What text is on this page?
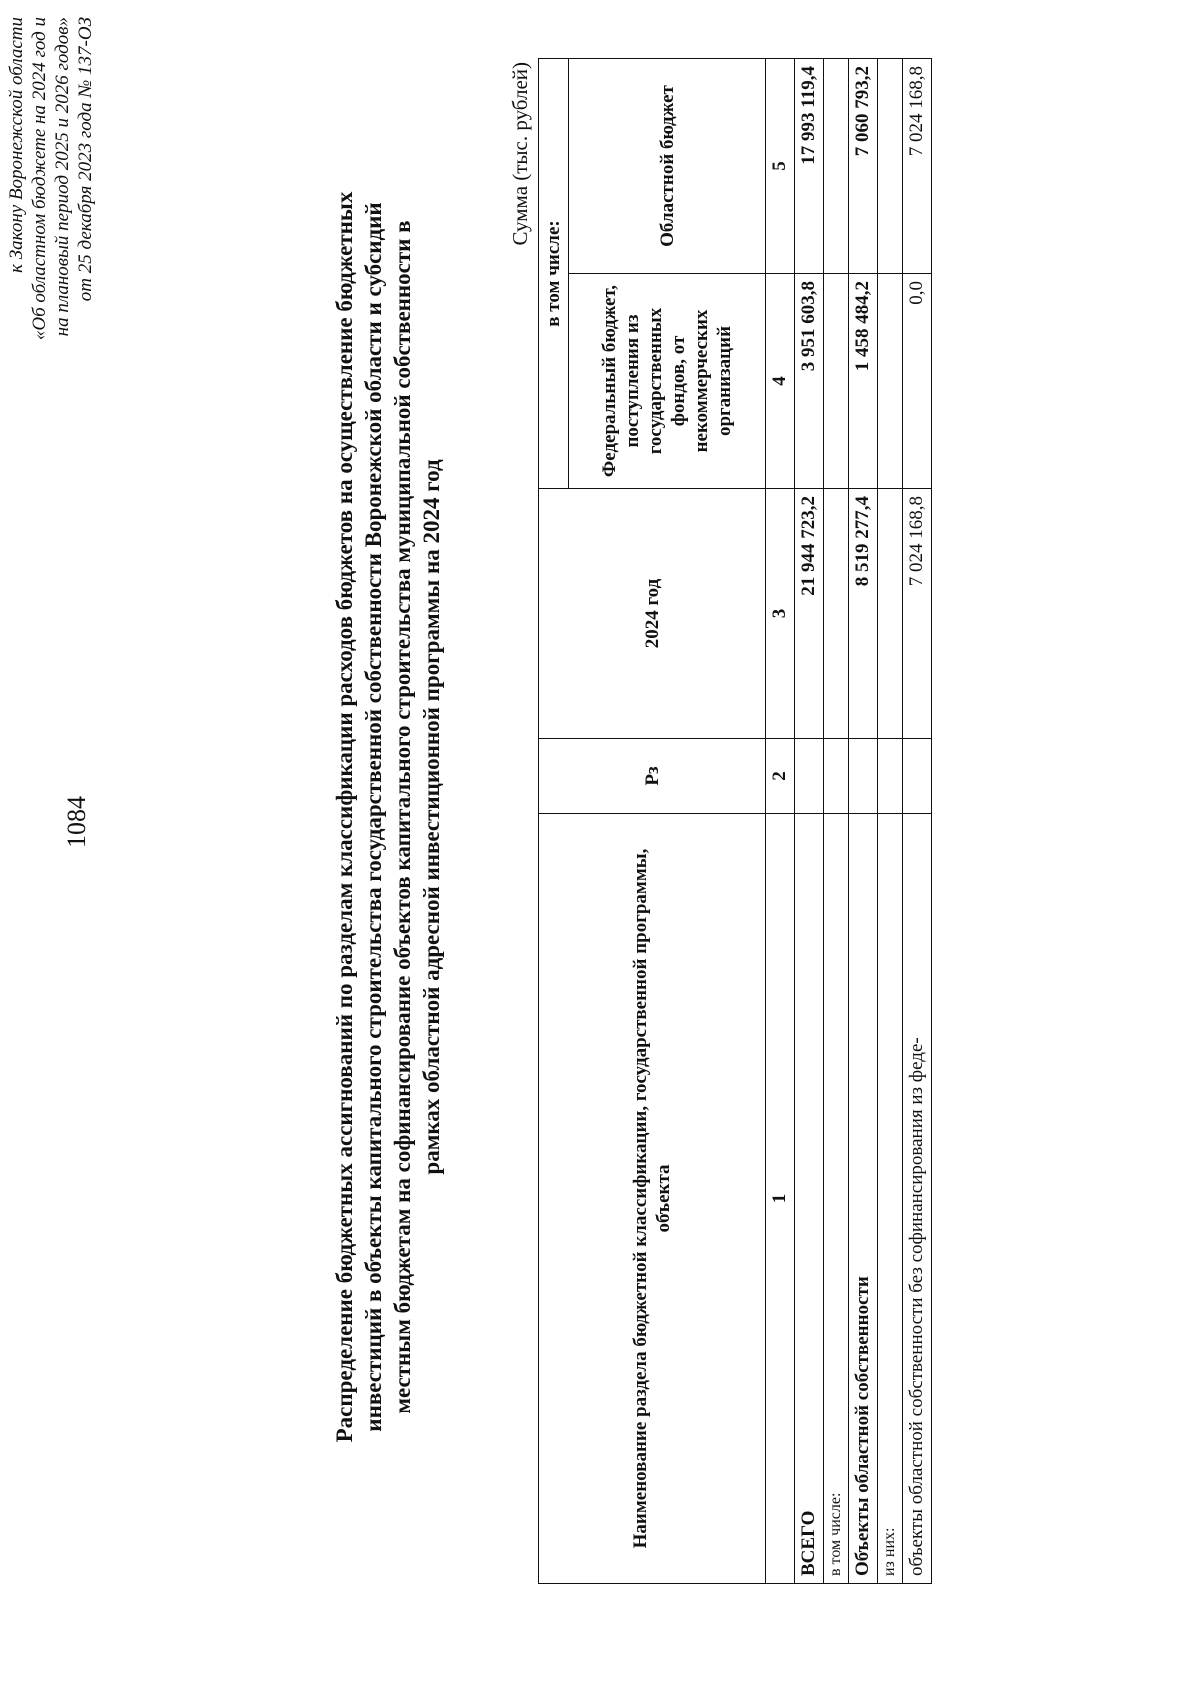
1084
к Закону Воронежской области «Об областном бюджете на 2024 год и на плановый период 2025 и 2026 годов» от 25 декабря 2023 года № 137-ОЗ
Распределение бюджетных ассигнований по разделам классификации расходов бюджетов на осуществление бюджетных инвестиций в объекты капитального строительства государственной собственности Воронежской области и субсидий местным бюджетам на софинансирование объектов капитального строительства муниципальной собственности в рамках областной адресной инвестиционной программы на 2024 год
Сумма (тыс. рублей)
Наименование раздела бюджетной классификации, государственной программы, объекта	Рз	2024 год	в том числе:	
			Федеральный бюджет, поступления из государственных фондов, от некоммерческих организаций	Областной бюджет
1	2	3	4	5
ВСЕГО		21 944 723,2	3 951 603,8	17 993 119,4
в том числе:				
Объекты областной собственности		8 519 277,4	1 458 484,2	7 060 793,2
из них:				
объекты областной собственности без софинансирования из феде-		7 024 168,8	0,0	7 024 168,8
